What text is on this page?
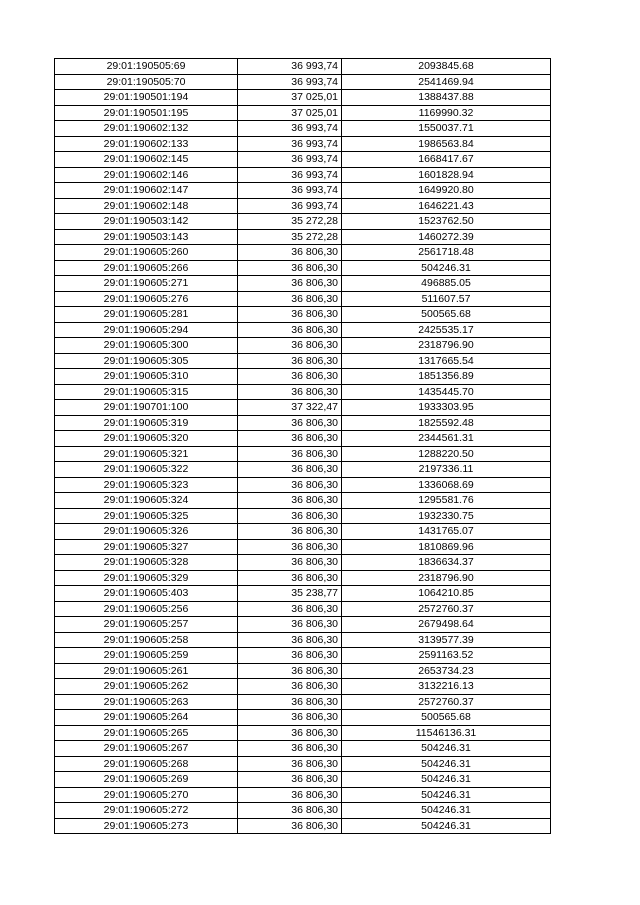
29:01:190505:69	36 993,74	2093845.68
29:01:190505:70	36 993,74	2541469.94
29:01:190501:194	37 025,01	1388437.88
29:01:190501:195	37 025,01	1169990.32
29:01:190602:132	36 993,74	1550037.71
29:01:190602:133	36 993,74	1986563.84
29:01:190602:145	36 993,74	1668417.67
29:01:190602:146	36 993,74	1601828.94
29:01:190602:147	36 993,74	1649920.80
29:01:190602:148	36 993,74	1646221.43
29:01:190503:142	35 272,28	1523762.50
29:01:190503:143	35 272,28	1460272.39
29:01:190605:260	36 806,30	2561718.48
29:01:190605:266	36 806,30	504246.31
29:01:190605:271	36 806,30	496885.05
29:01:190605:276	36 806,30	511607.57
29:01:190605:281	36 806,30	500565.68
29:01:190605:294	36 806,30	2425535.17
29:01:190605:300	36 806,30	2318796.90
29:01:190605:305	36 806,30	1317665.54
29:01:190605:310	36 806,30	1851356.89
29:01:190605:315	36 806,30	1435445.70
29:01:190701:100	37 322,47	1933303.95
29:01:190605:319	36 806,30	1825592.48
29:01:190605:320	36 806,30	2344561.31
29:01:190605:321	36 806,30	1288220.50
29:01:190605:322	36 806,30	2197336.11
29:01:190605:323	36 806,30	1336068.69
29:01:190605:324	36 806,30	1295581.76
29:01:190605:325	36 806,30	1932330.75
29:01:190605:326	36 806,30	1431765.07
29:01:190605:327	36 806,30	1810869.96
29:01:190605:328	36 806,30	1836634.37
29:01:190605:329	36 806,30	2318796.90
29:01:190605:403	35 238,77	1064210.85
29:01:190605:256	36 806,30	2572760.37
29:01:190605:257	36 806,30	2679498.64
29:01:190605:258	36 806,30	3139577.39
29:01:190605:259	36 806,30	2591163.52
29:01:190605:261	36 806,30	2653734.23
29:01:190605:262	36 806,30	3132216.13
29:01:190605:263	36 806,30	2572760.37
29:01:190605:264	36 806,30	500565.68
29:01:190605:265	36 806,30	11546136.31
29:01:190605:267	36 806,30	504246.31
29:01:190605:268	36 806,30	504246.31
29:01:190605:269	36 806,30	504246.31
29:01:190605:270	36 806,30	504246.31
29:01:190605:272	36 806,30	504246.31
29:01:190605:273	36 806,30	504246.31
